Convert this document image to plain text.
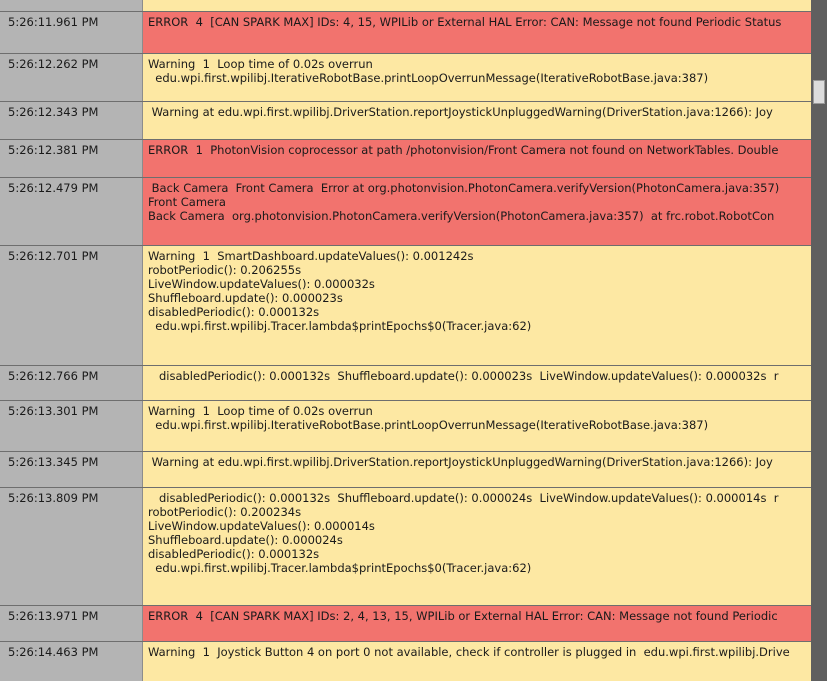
5:26:11.961 PM	ERROR  4  [CAN SPARK MAX] IDs: 4, 15, WPILib or External HAL Error: CAN: Message not found Periodic Status
5:26:12.262 PM	Warning  1  Loop time of 0.02s overrun
edu.wpi.first.wpilibj.IterativeRobotBase.printLoopOverrunMessage(IterativeRobotBase.java:387)
5:26:12.343 PM	Warning at edu.wpi.first.wpilibj.DriverStation.reportJoystickUnpluggedWarning(DriverStation.java:1266): Joy
5:26:12.381 PM	ERROR  1  PhotonVision coprocessor at path /photonvision/Front Camera not found on NetworkTables. Double
5:26:12.479 PM	Back Camera  Front Camera  Error at org.photonvision.PhotonCamera.verifyVersion(PhotonCamera.java:357)
Front Camera
Back Camera  org.photonvision.PhotonCamera.verifyVersion(PhotonCamera.java:357)  at frc.robot.RobotCon
5:26:12.701 PM	Warning  1  SmartDashboard.updateValues(): 0.001242s
robotPeriodic(): 0.206255s
LiveWindow.updateValues(): 0.000032s
Shuffleboard.update(): 0.000023s
disabledPeriodic(): 0.000132s
edu.wpi.first.wpilibj.Tracer.lambda$printEpochs$0(Tracer.java:62)
5:26:12.766 PM	disabledPeriodic(): 0.000132s  Shuffleboard.update(): 0.000023s  LiveWindow.updateValues(): 0.000032s  r
5:26:13.301 PM	Warning  1  Loop time of 0.02s overrun
edu.wpi.first.wpilibj.IterativeRobotBase.printLoopOverrunMessage(IterativeRobotBase.java:387)
5:26:13.345 PM	Warning at edu.wpi.first.wpilibj.DriverStation.reportJoystickUnpluggedWarning(DriverStation.java:1266): Joy
5:26:13.809 PM	disabledPeriodic(): 0.000132s  Shuffleboard.update(): 0.000024s  LiveWindow.updateValues(): 0.000014s  r
robotPeriodic(): 0.200234s
LiveWindow.updateValues(): 0.000014s
Shuffleboard.update(): 0.000024s
disabledPeriodic(): 0.000132s
edu.wpi.first.wpilibj.Tracer.lambda$printEpochs$0(Tracer.java:62)
5:26:13.971 PM	ERROR  4  [CAN SPARK MAX] IDs: 2, 4, 13, 15, WPILib or External HAL Error: CAN: Message not found Periodic
5:26:14.463 PM	Warning  1  Joystick Button 4 on port 0 not available, check if controller is plugged in  edu.wpi.first.wpilibj.Drive
